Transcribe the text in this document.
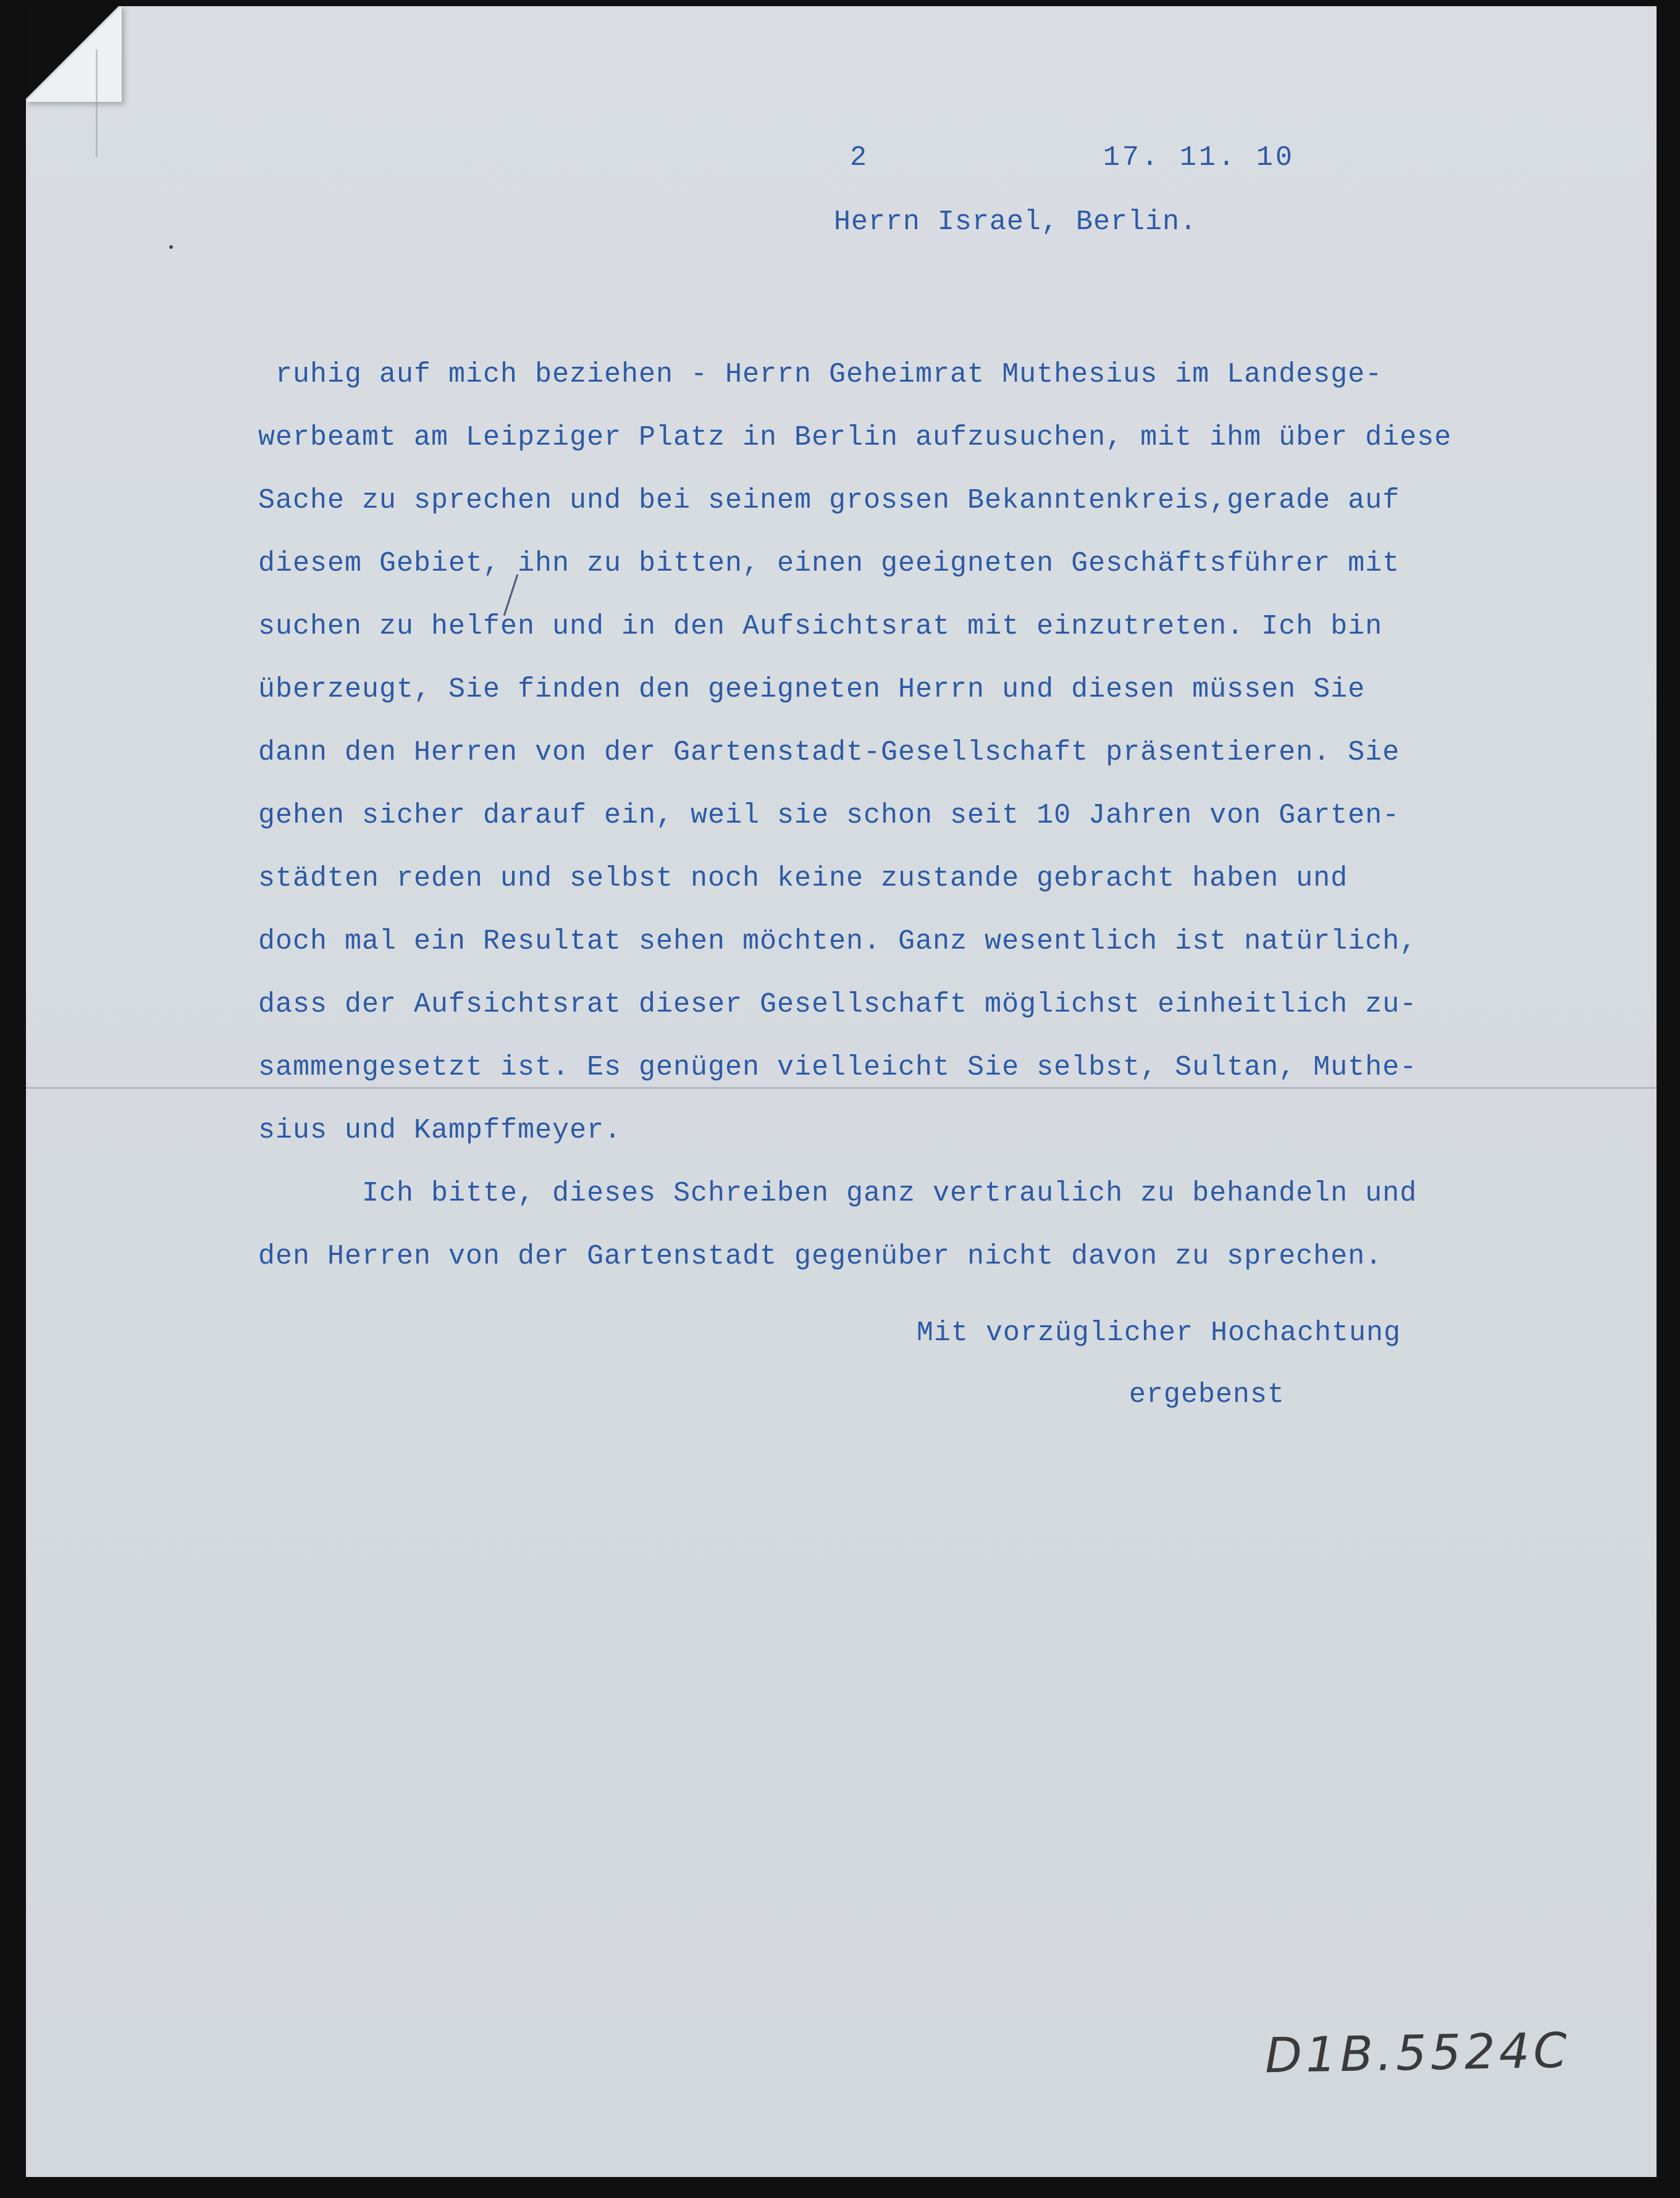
2	17. 11. 10
Herrn Israel, Berlin.
ruhig auf mich beziehen - Herrn Geheimrat Muthesius im Landesge-
werbeamt am Leipziger Platz in Berlin aufzusuchen, mit ihm über diese
Sache zu sprechen und bei seinem grossen Bekanntenkreis,gerade auf
diesem Gebiet, ihn zu bitten, einen geeigneten Geschäftsführer mit
suchen zu helfen und in den Aufsichtsrat mit einzutreten. Ich bin
überzeugt, Sie finden den geeigneten Herrn und diesen müssen Sie
dann den Herren von der Gartenstadt-Gesellschaft präsentieren. Sie
gehen sicher darauf ein, weil sie schon seit 10 Jahren von Garten-
städten reden und selbst noch keine zustande gebracht haben und
doch mal ein Resultat sehen möchten. Ganz wesentlich ist natürlich,
dass der Aufsichtsrat dieser Gesellschaft möglichst einheitlich zu-
sammengesetzt ist. Es genügen vielleicht Sie selbst, Sultan, Muthe-
sius und Kampffmeyer.
Ich bitte, dieses Schreiben ganz vertraulich zu behandeln und
den Herren von der Gartenstadt gegenüber nicht davon zu sprechen.
Mit vorzüglicher Hochachtung
ergebenst
D1B.5524C
